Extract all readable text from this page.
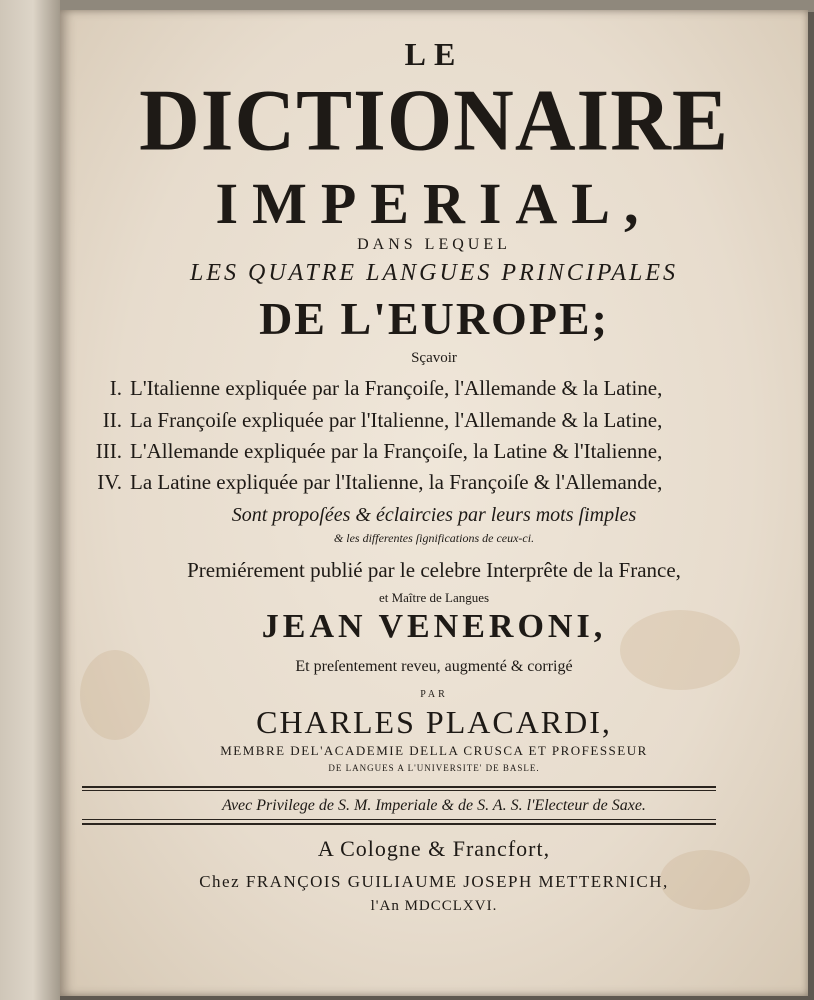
LE
DICTIONAIRE
IMPERIAL,
DANS LEQUEL
LES QUATRE LANGUES PRINCIPALES
DE L'EUROPE;
Sçavoir
I. L'Italienne expliquée par la Françoiſe, l'Allemande & la Latine,
II. La Françoiſe expliquée par l'Italienne, l'Allemande & la Latine,
III. L'Allemande expliquée par la Françoiſe, la Latine & l'Italienne,
IV. La Latine expliquée par l'Italienne, la Françoiſe & l'Allemande,
Sont propoſées & éclaircies par leurs mots ſimples
& les differentes ſignifications de ceux-ci.
Premiérement publié par le celebre Interprête de la France,
et Maître de Langues
JEAN VENERONI,
Et preſentement reveu, augmenté & corrigé
PAR
CHARLES PLACARDI,
MEMBRE DEL'ACADEMIE DELLA CRUSCA ET PROFESSEUR
DE LANGUES A L'UNIVERSITE' DE BASLE.
Avec Privilege de S. M. Imperiale & de S. A. S. l'Electeur de Saxe.
A Cologne & Francfort,
Chez FRANÇOIS GUILIAUME JOSEPH METTERNICH,
l'An MDCCLXVI.
